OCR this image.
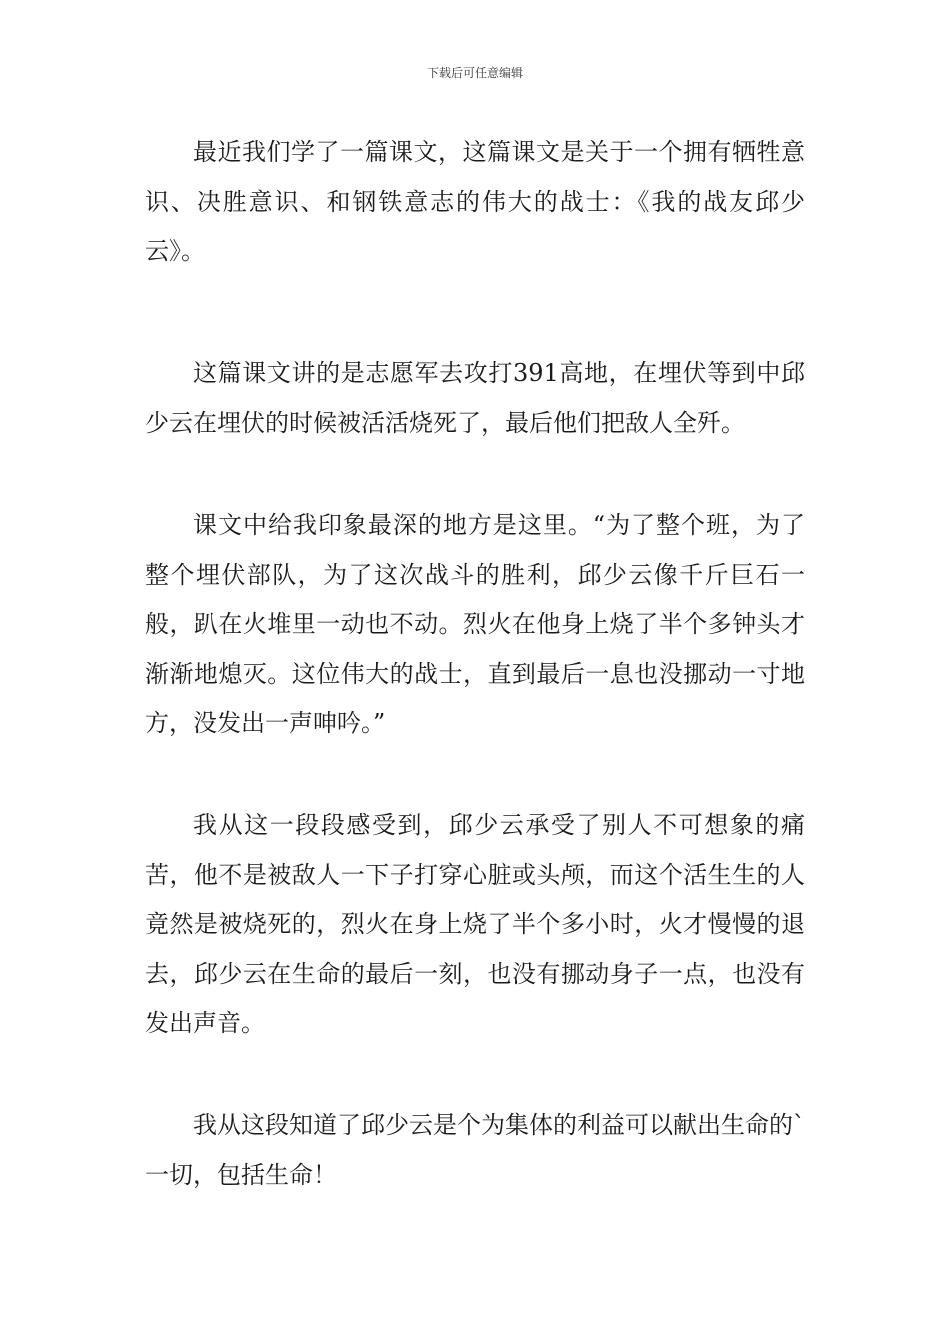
下载后可任意编辑

最近我们学了一篇课文，这篇课文是关于一个拥有牺牲意识、决胜意识、和钢铁意志的伟大的战士：《我的战友邱少云》。

这篇课文讲的是志愿军去攻打391高地，在埋伏等到中邱少云在埋伏的时候被活活烧死了，最后他们把敌人全歼。

课文中给我印象最深的地方是这里。“为了整个班，为了整个埋伏部队，为了这次战斗的胜利，邱少云像千斤巨石一般，趴在火堆里一动也不动。烈火在他身上烧了半个多钟头才渐渐地熄灭。这位伟大的战士，直到最后一息也没挪动一寸地方，没发出一声呻吟。”

我从这一段段感受到，邱少云承受了别人不可想象的痛苦，他不是被敌人一下子打穿心脏或头颅，而这个活生生的人竟然是被烧死的，烈火在身上烧了半个多小时，火才慢慢的退去，邱少云在生命的最后一刻，也没有挪动身子一点，也没有发出声音。

我从这段知道了邱少云是个为集体的利益可以献出生命的`一切，包括生命！
